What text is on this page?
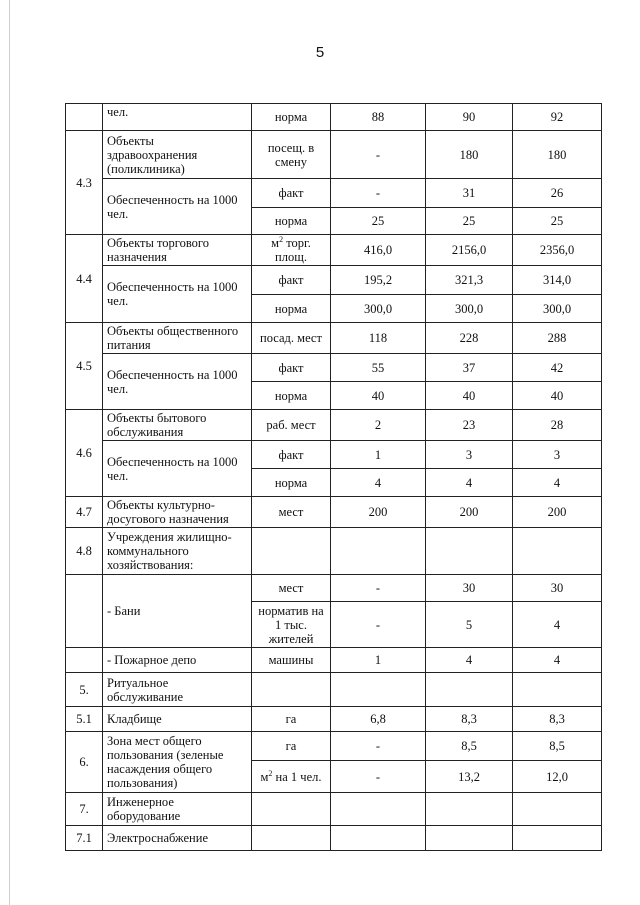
5
	чел.	норма	88	90	92
4.3	Объекты здравоохранения (поликлиника)	посещ. в смену	-	180	180
	Обеспеченность на 1000 чел.	факт	-	31	26
		норма	25	25	25
4.4	Объекты торгового назначения	$м^2$ торг. площ.	416,0	2156,0	2356,0
	Обеспеченность на 1000 чел.	факт	195,2	321,3	314,0
		норма	300,0	300,0	300,0
4.5	Объекты общественного питания	посад. мест	118	228	288
	Обеспеченность на 1000 чел.	факт	55	37	42
		норма	40	40	40
4.6	Объекты бытового обслуживания	раб. мест	2	23	28
	Обеспеченность на 1000 чел.	факт	1	3	3
		норма	4	4	4
4.7	Объекты культурно-досугового назначения	мест	200	200	200
4.8	Учреждения жилищно-коммунального хозяйствования:				
	- Бани	мест	-	30	30
		норматив на 1 тыс. жителей	-	5	4
	- Пожарное депо	машины	1	4	4
5.	Ритуальное обслуживание				
5.1	Кладбище	га	6,8	8,3	8,3
6.	Зона мест общего пользования (зеленые насаждения общего пользования)	га	-	8,5	8,5
		$м^2$ на 1 чел.	-	13,2	12,0
7.	Инженерное оборудование				
7.1	Электроснабжение				
